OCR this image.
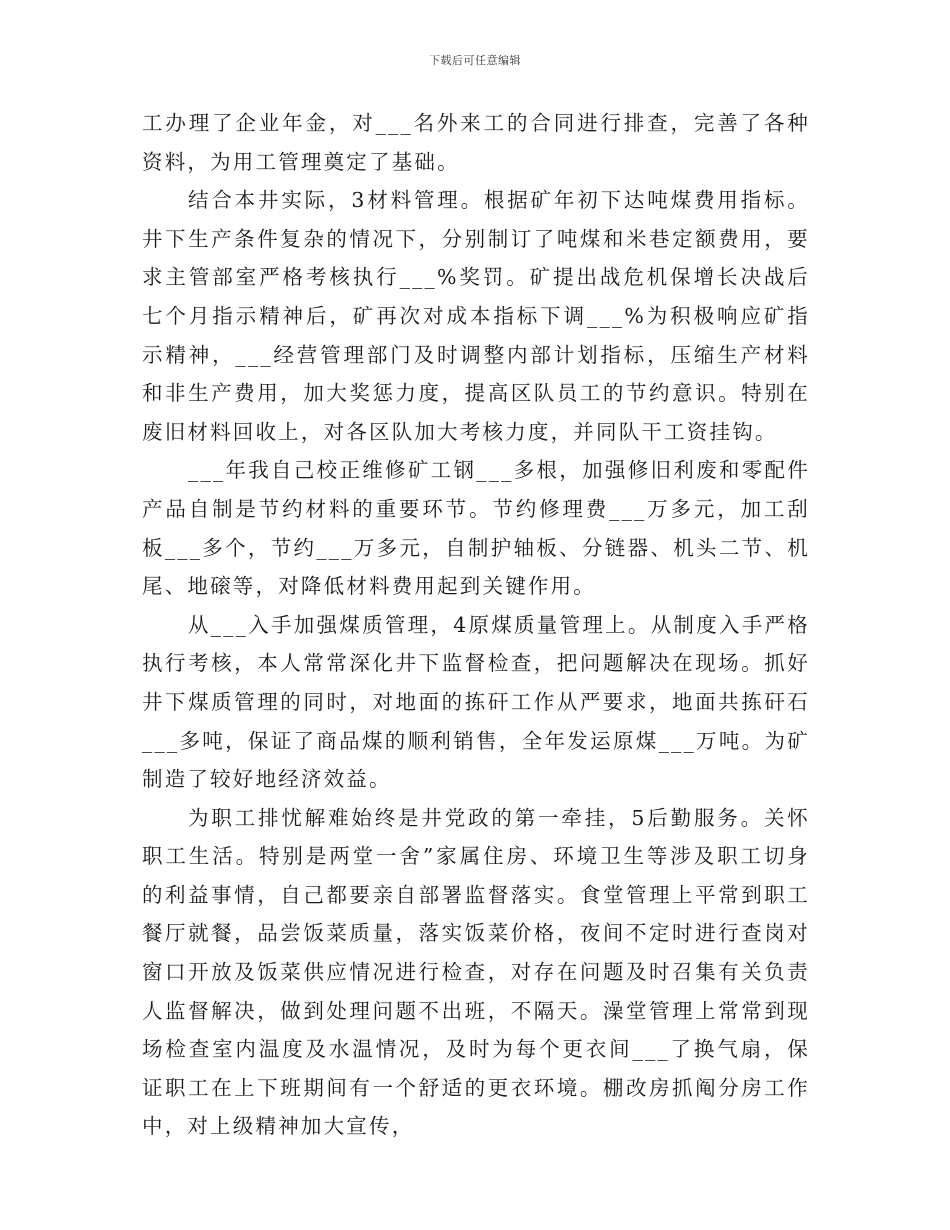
下载后可任意编辑

工办理了企业年金，对___名外来工的合同进行排查，完善了各种资料，为用工管理奠定了基础。

结合本井实际，3材料管理。根据矿年初下达吨煤费用指标。井下生产条件复杂的情况下，分别制订了吨煤和米巷定额费用，要求主管部室严格考核执行___%奖罚。矿提出战危机保增长决战后七个月指示精神后，矿再次对成本指标下调___%为积极响应矿指示精神，___经营管理部门及时调整内部计划指标，压缩生产材料和非生产费用，加大奖惩力度，提高区队员工的节约意识。特别在废旧材料回收上，对各区队加大考核力度，并同队干工资挂钩。

___年我自己校正维修矿工钢___多根，加强修旧利废和零配件产品自制是节约材料的重要环节。节约修理费___万多元，加工刮板___多个，节约___万多元，自制护轴板、分链器、机头二节、机尾、地磙等，对降低材料费用起到关键作用。

从___入手加强煤质管理，4原煤质量管理上。从制度入手严格执行考核，本人常常深化井下监督检查，把问题解决在现场。抓好井下煤质管理的同时，对地面的拣矸工作从严要求，地面共拣矸石___多吨，保证了商品煤的顺利销售，全年发运原煤___万吨。为矿制造了较好地经济效益。

为职工排忧解难始终是井党政的第一牵挂，5后勤服务。关怀职工生活。特别是两堂一舍”家属住房、环境卫生等涉及职工切身的利益事情，自己都要亲自部署监督落实。食堂管理上平常到职工餐厅就餐，品尝饭菜质量，落实饭菜价格，夜间不定时进行查岗对窗口开放及饭菜供应情况进行检查，对存在问题及时召集有关负责人监督解决，做到处理问题不出班，不隔天。澡堂管理上常常到现场检查室内温度及水温情况，及时为每个更衣间___了换气扇，保证职工在上下班期间有一个舒适的更衣环境。棚改房抓阄分房工作中，对上级精神加大宣传，
